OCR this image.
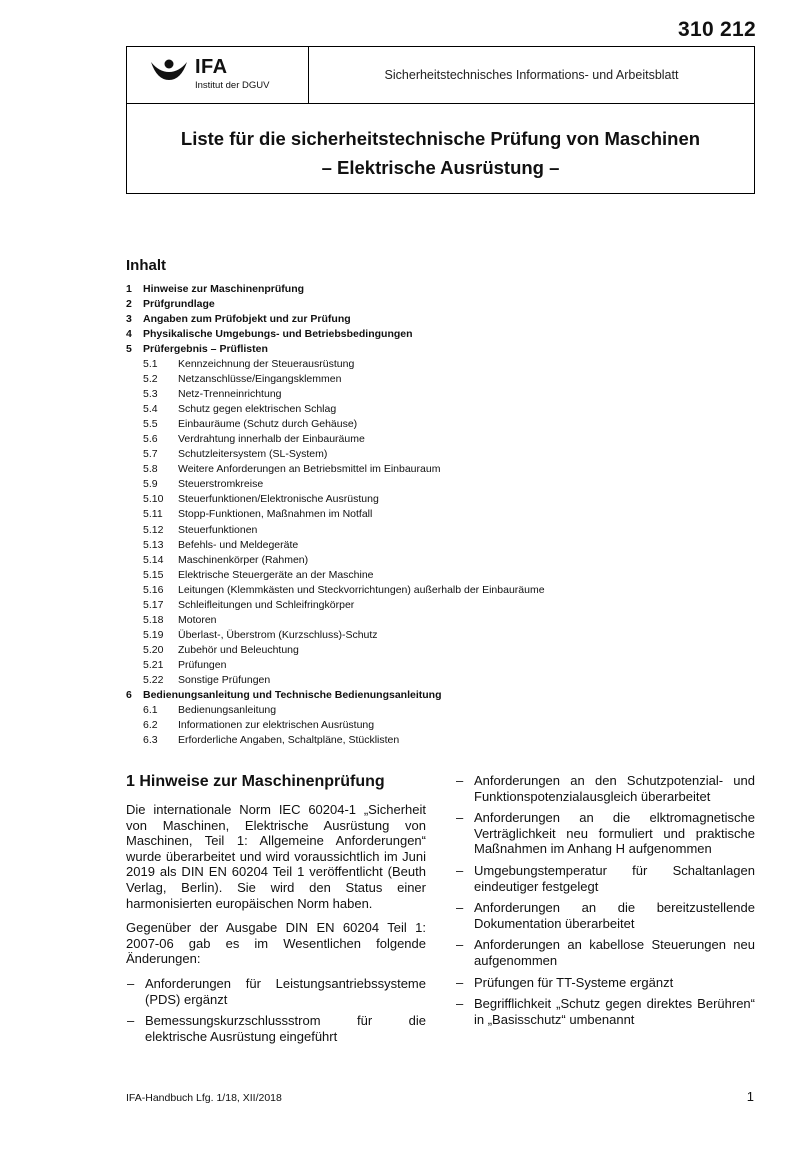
310 212
IFA
Institut der DGUV
Sicherheitstechnisches Informations- und Arbeitsblatt
Liste für die sicherheitstechnische Prüfung von Maschinen
– Elektrische Ausrüstung –
Inhalt
1 Hinweise zur Maschinenprüfung
2 Prüfgrundlage
3 Angaben zum Prüfobjekt und zur Prüfung
4 Physikalische Umgebungs- und Betriebsbedingungen
5 Prüfergebnis – Prüflisten
5.1 Kennzeichnung der Steuerausrüstung
5.2 Netzanschlüsse/Eingangsklemmen
5.3 Netz-Trenneinrichtung
5.4 Schutz gegen elektrischen Schlag
5.5 Einbauräume (Schutz durch Gehäuse)
5.6 Verdrahtung innerhalb der Einbauräume
5.7 Schutzleitersystem (SL-System)
5.8 Weitere Anforderungen an Betriebsmittel im Einbauraum
5.9 Steuerstromkreise
5.10 Steuerfunktionen/Elektronische Ausrüstung
5.11 Stopp-Funktionen, Maßnahmen im Notfall
5.12 Steuerfunktionen
5.13 Befehls- und Meldegeräte
5.14 Maschinenkörper (Rahmen)
5.15 Elektrische Steuergeräte an der Maschine
5.16 Leitungen (Klemmkästen und Steckvorrichtungen) außerhalb der Einbauräume
5.17 Schleifleitungen und Schleifringkörper
5.18 Motoren
5.19 Überlast-, Überstrom (Kurzschluss)-Schutz
5.20 Zubehör und Beleuchtung
5.21 Prüfungen
5.22 Sonstige Prüfungen
6 Bedienungsanleitung und Technische Bedienungsanleitung
6.1 Bedienungsanleitung
6.2 Informationen zur elektrischen Ausrüstung
6.3 Erforderliche Angaben, Schaltpläne, Stücklisten
1 Hinweise zur Maschinenprüfung

Die internationale Norm IEC 60204-1 „Sicherheit von Maschinen, Elektrische Ausrüstung von Maschinen, Teil 1: Allgemeine Anforderungen“ wurde überarbeitet und wird voraussichtlich im Juni 2019 als DIN EN 60204 Teil 1 veröffentlicht (Beuth Verlag, Berlin). Sie wird den Status einer harmonisierten europäischen Norm haben.

Gegenüber der Ausgabe DIN EN 60204 Teil 1: 2007-06 gab es im Wesentlichen folgende Änderungen:

– Anforderungen für Leistungsantriebssysteme (PDS) ergänzt
– Bemessungskurzschlussstrom für die elektrische Ausrüstung eingeführt
– Anforderungen an den Schutzpotenzial- und Funktionspotenzialausgleich überarbeitet
– Anforderungen an die elktromagnetische Verträglichkeit neu formuliert und praktische Maßnahmen im Anhang H aufgenommen
– Umgebungstemperatur für Schaltanlagen eindeutiger festgelegt
– Anforderungen an die bereitzustellende Dokumentation überarbeitet
– Anforderungen an kabellose Steuerungen neu aufgenommen
– Prüfungen für TT-Systeme ergänzt
– Begrifflichkeit „Schutz gegen direktes Berühren“ in „Basisschutz“ umbenannt
IFA-Handbuch Lfg. 1/18, XII/2018	1
